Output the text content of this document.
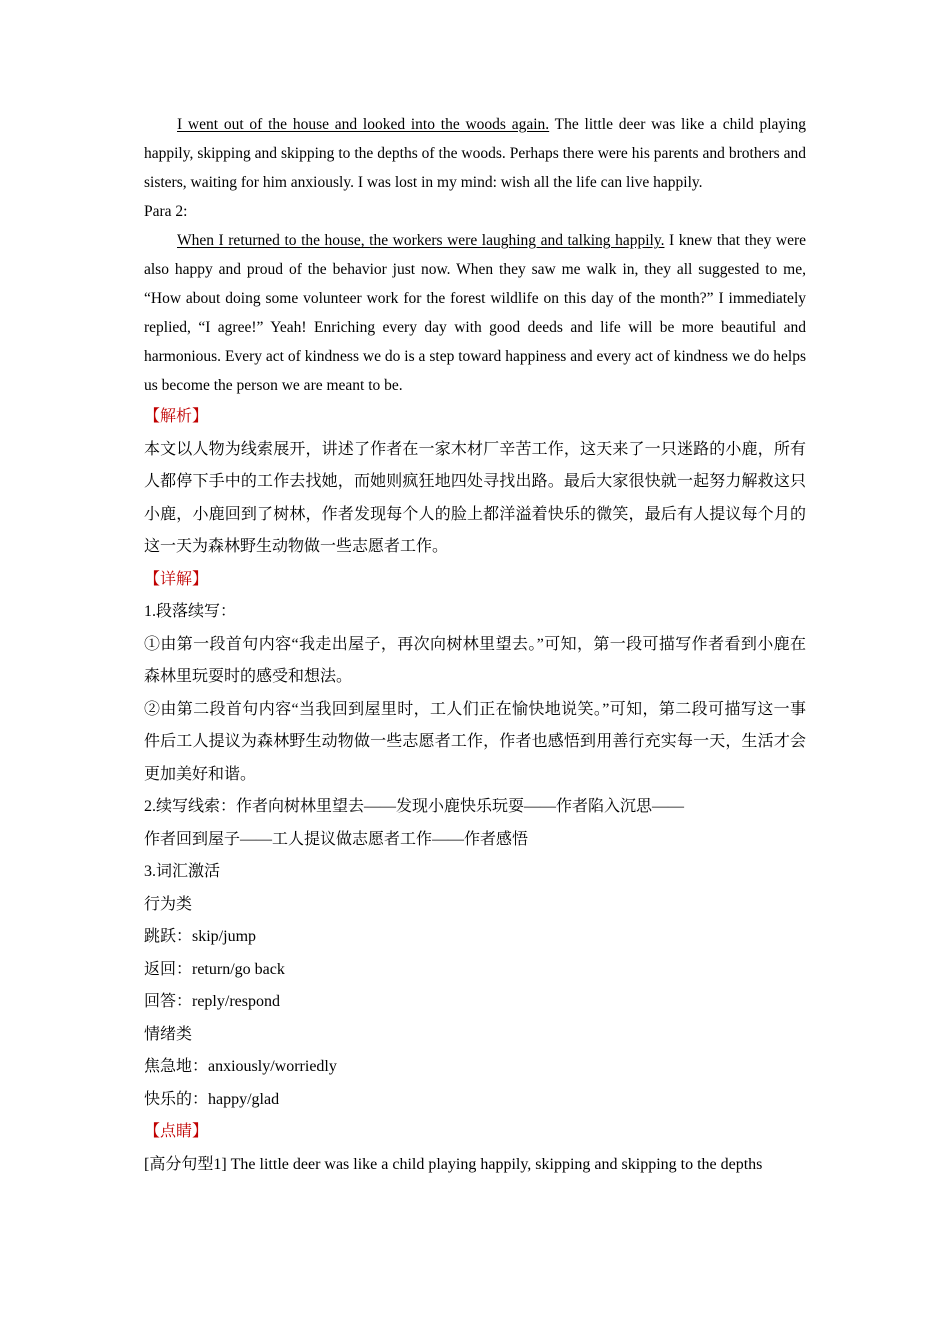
I went out of the house and looked into the woods again. The little deer was like a child playing happily, skipping and skipping to the depths of the woods. Perhaps there were his parents and brothers and sisters, waiting for him anxiously. I was lost in my mind: wish all the life can live happily.

Para 2:

When I returned to the house, the workers were laughing and talking happily. I knew that they were also happy and proud of the behavior just now. When they saw me walk in, they all suggested to me, “How about doing some volunteer work for the forest wildlife on this day of the month?” I immediately replied, “I agree!” Yeah! Enriching every day with good deeds and life will be more beautiful and harmonious. Every act of kindness we do is a step toward happiness and every act of kindness we do helps us become the person we are meant to be.

【解析】

本文以人物为线索展开，讲述了作者在一家木材厂辛苦工作，这天来了一只迷路的小鹿，所有人都停下手中的工作去找她，而她则疯狂地四处寻找出路。最后大家很快就一起努力解救这只小鹿，小鹿回到了树林，作者发现每个人的脸上都洋溢着快乐的微笑，最后有人提议每个月的这一天为森林野生动物做一些志愿者工作。

【详解】

1.段落续写：

①由第一段首句内容“我走出屋子，再次向树林里望去。”可知，第一段可描写作者看到小鹿在森林里玩耍时的感受和想法。

②由第二段首句内容“当我回到屋里时，工人们正在愉快地说笑。”可知，第二段可描写这一事件后工人提议为森林野生动物做一些志愿者工作，作者也感悟到用善行充实每一天，生活才会更加美好和谐。

2.续写线索：作者向树林里望去——发现小鹿快乐玩耍——作者陷入沉思——

作者回到屋子——工人提议做志愿者工作——作者感悟

3.词汇激活

行为类

跳跃：skip/jump

返回：return/go back

回答：reply/respond

情绪类

焦急地：anxiously/worriedly

快乐的：happy/glad

【点睛】

[高分句型1] The little deer was like a child playing happily, skipping and skipping to the depths
